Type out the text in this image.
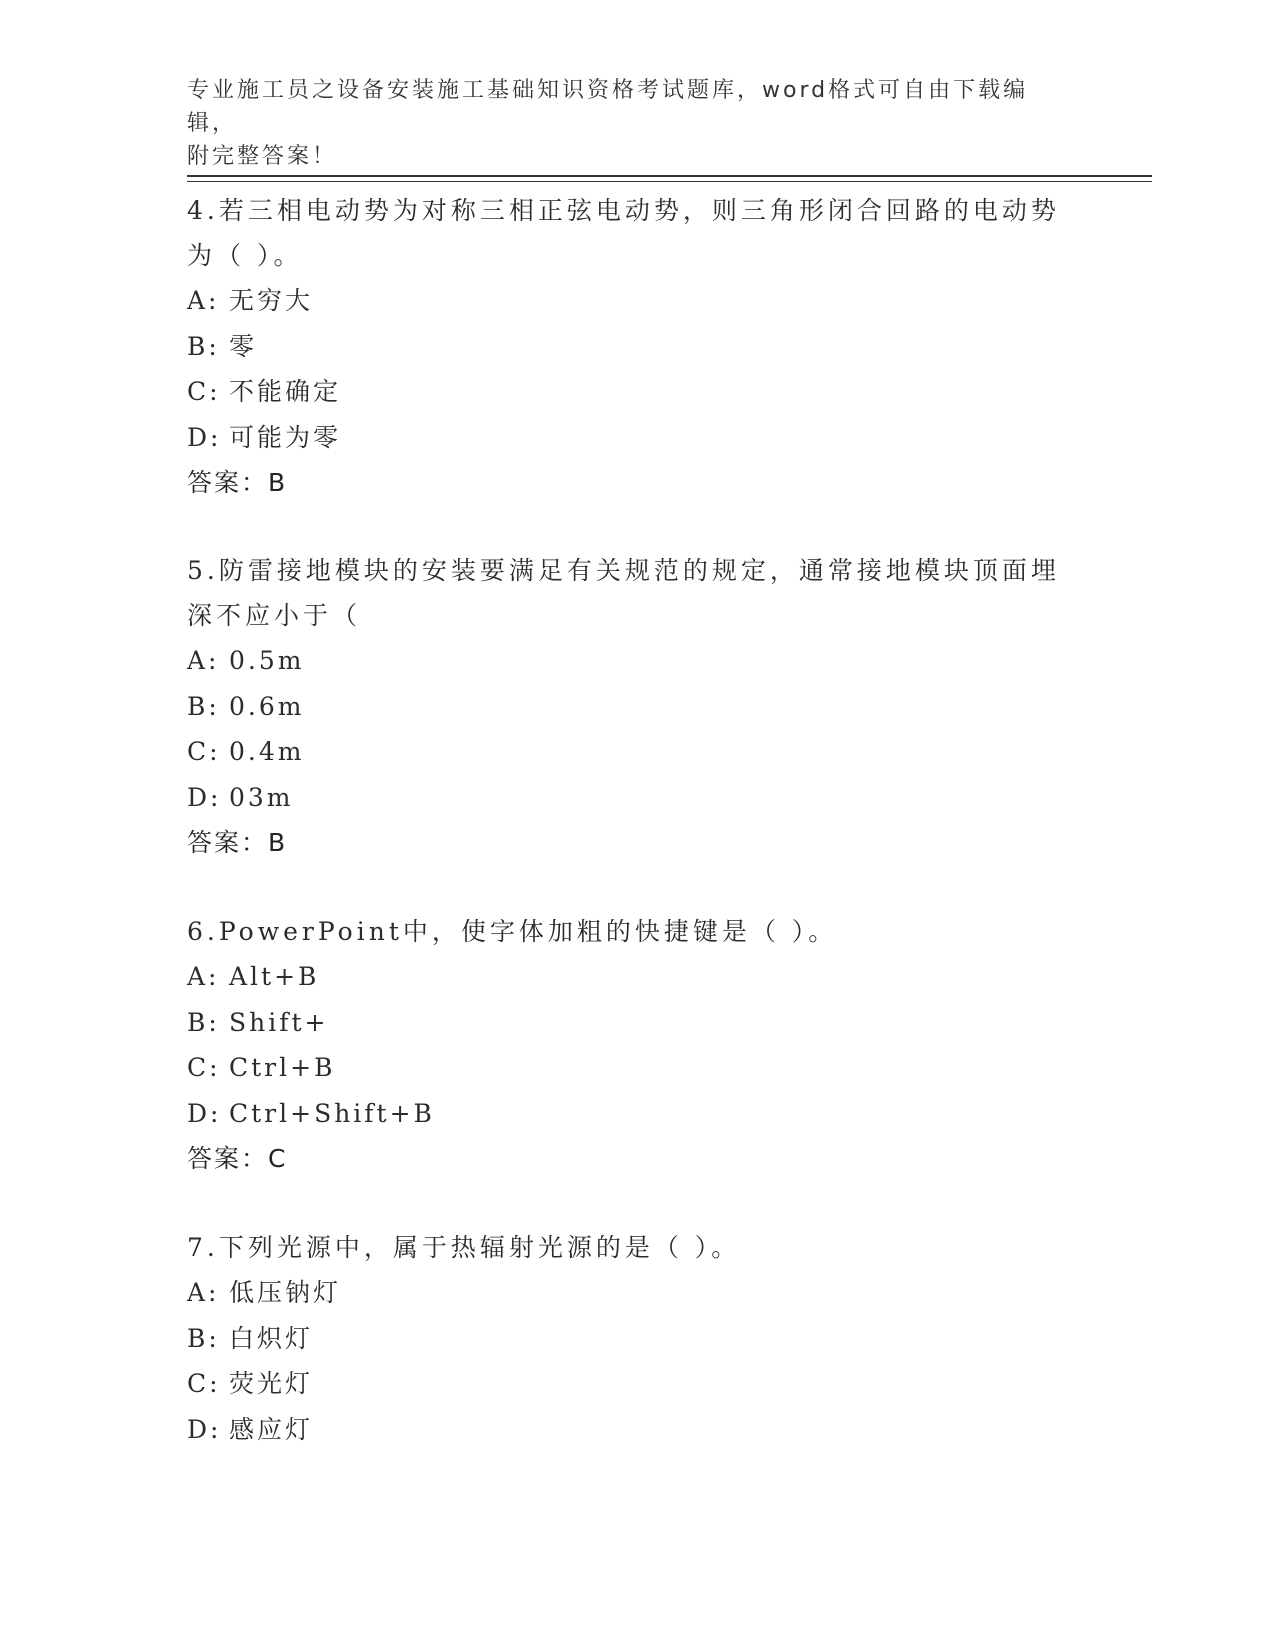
专业施工员之设备安装施工基础知识资格考试题库，word格式可自由下载编辑，
附完整答案！

4.若三相电动势为对称三相正弦电动势，则三角形闭合回路的电动势

为（ ）。

A: 无穷大

B: 零

C: 不能确定

D: 可能为零

答案：B

5.防雷接地模块的安装要满足有关规范的规定，通常接地模块顶面埋

深不应小于（

A: 0.5m

B: 0.6m

C: 0.4m

D: 03m

答案：B

6.PowerPoint中，使字体加粗的快捷键是（ ）。

A: Alt+B

B: Shift+

C: Ctrl+B

D: Ctrl+Shift+B

答案：C

7.下列光源中，属于热辐射光源的是（ ）。

A: 低压钠灯

B: 白炽灯

C: 荧光灯

D: 感应灯
